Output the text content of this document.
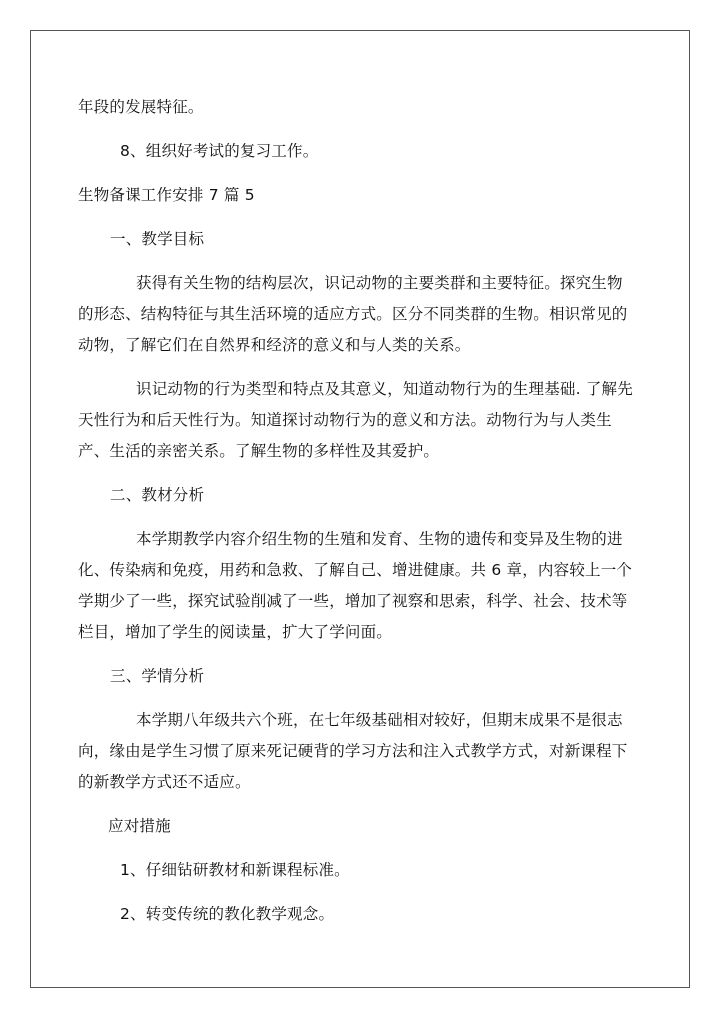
年段的发展特征。

8、组织好考试的复习工作。

生物备课工作安排 7 篇 5

一、教学目标

获得有关生物的结构层次，识记动物的主要类群和主要特征。探究生物的形态、结构特征与其生活环境的适应方式。区分不同类群的生物。相识常见的动物，了解它们在自然界和经济的意义和与人类的关系。

识记动物的行为类型和特点及其意义，知道动物行为的生理基础. 了解先天性行为和后天性行为。知道探讨动物行为的意义和方法。动物行为与人类生产、生活的亲密关系。了解生物的多样性及其爱护。

二、教材分析

本学期教学内容介绍生物的生殖和发育、生物的遗传和变异及生物的进化、传染病和免疫，用药和急救、了解自己、增进健康。共 6 章，内容较上一个学期少了一些，探究试验削减了一些，增加了视察和思索，科学、社会、技术等栏目，增加了学生的阅读量，扩大了学问面。

三、学情分析

本学期八年级共六个班，在七年级基础相对较好，但期末成果不是很志向，缘由是学生习惯了原来死记硬背的学习方法和注入式教学方式，对新课程下的新教学方式还不适应。

应对措施

1、仔细钻研教材和新课程标准。

2、转变传统的教化教学观念。
